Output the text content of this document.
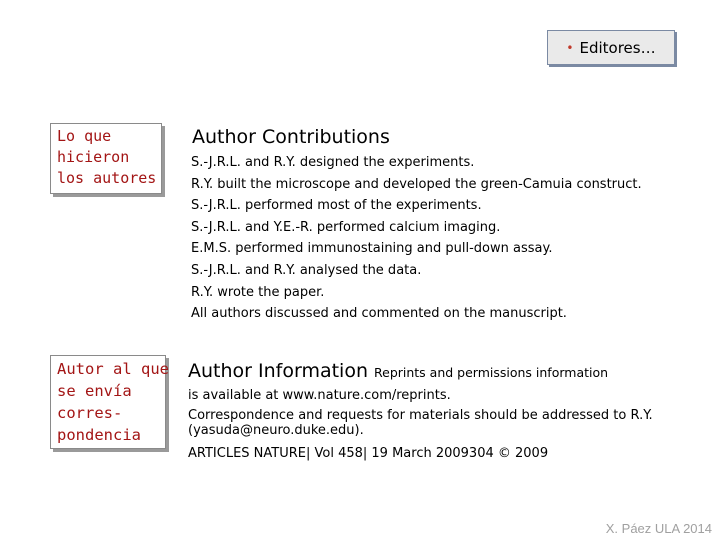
• Editores…
Lo que
hicieron
los autores
Author Contributions
S.-J.R.L. and R.Y. designed the experiments.
R.Y. built the microscope and developed the green-Camuia construct.
S.-J.R.L. performed most of the experiments.
S.-J.R.L. and Y.E.-R. performed calcium imaging.
E.M.S. performed immunostaining and pull-down assay.
S.-J.R.L. and R.Y. analysed the data.
R.Y. wrote the paper.
All authors discussed and commented on the manuscript.
Autor al que
se envía
corres-
pondencia
Author Information Reprints and permissions information
is available at www.nature.com/reprints.
Correspondence and requests for materials should be addressed to R.Y.
(yasuda@neuro.duke.edu).
ARTICLES NATURE| Vol 458| 19 March 2009304 © 2009
X. Páez ULA 2014
